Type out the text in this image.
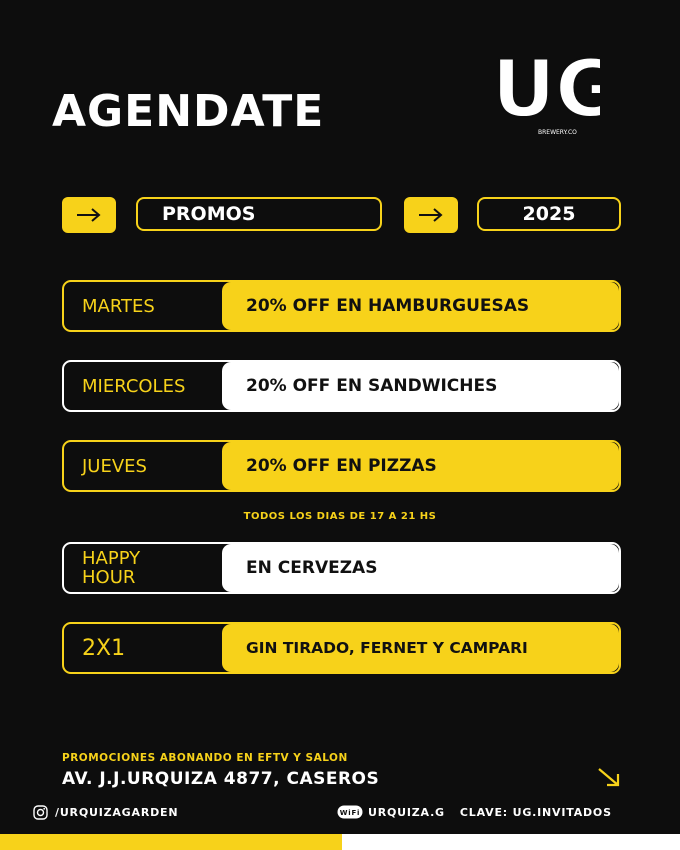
AGENDATE UG
BREWERY.CO
PROMOS	2025
MARTES	20% OFF EN HAMBURGUESAS
MIERCOLES	20% OFF EN SANDWICHES
JUEVES	20% OFF EN PIZZAS
TODOS LOS DIAS DE 17 A 21 HS
HAPPY
HOUR	EN CERVEZAS
2X1	GIN TIRADO, FERNET Y CAMPARI
PROMOCIONES ABONANDO EN EFTV Y SALON
AV. J.J.URQUIZA 4877, CASEROS
/URQUIZAGARDEN	WiFi URQUIZA.G CLAVE: UG.INVITADOS
